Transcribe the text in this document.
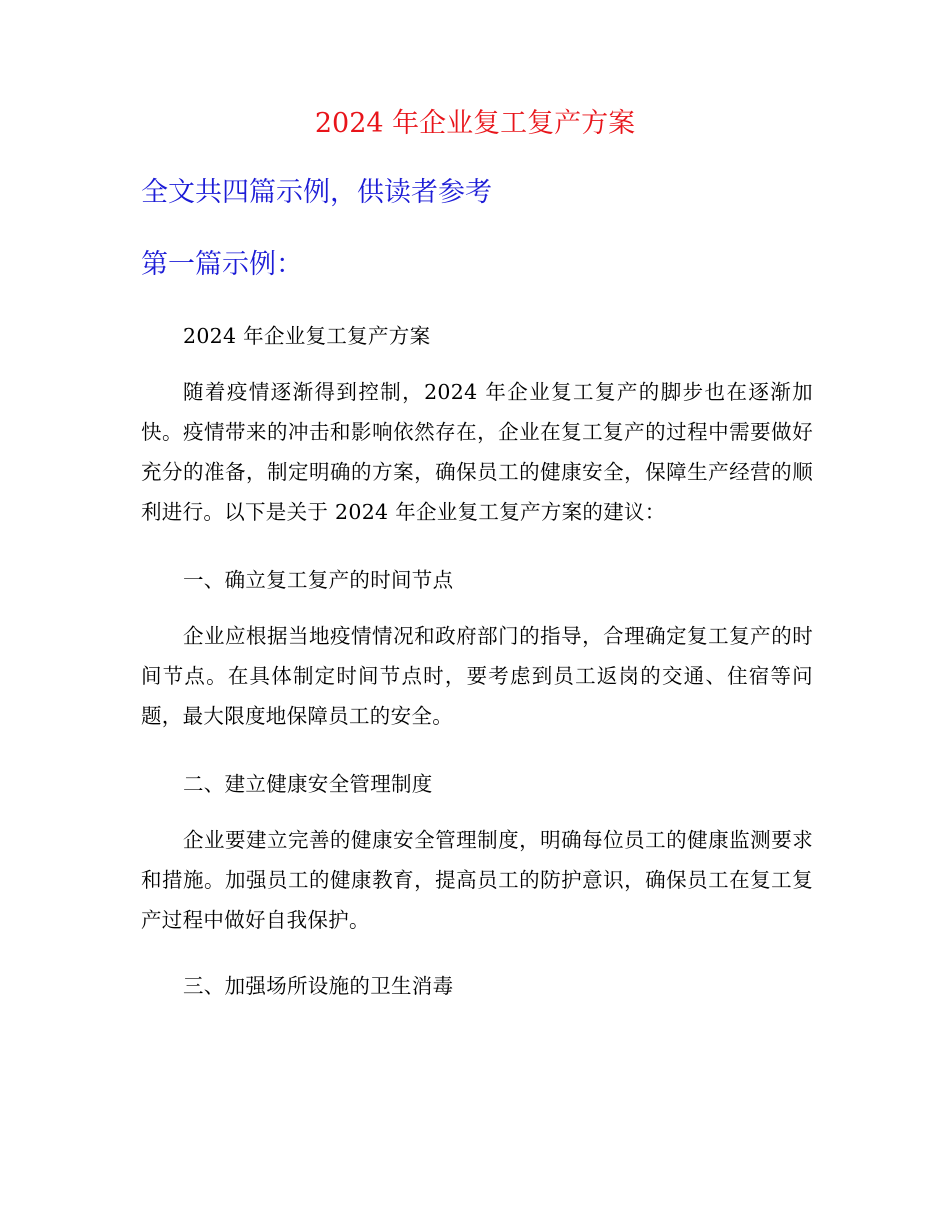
2024 年企业复工复产方案
全文共四篇示例，供读者参考
第一篇示例：
2024 年企业复工复产方案
随着疫情逐渐得到控制，2024 年企业复工复产的脚步也在逐渐加快。疫情带来的冲击和影响依然存在，企业在复工复产的过程中需要做好充分的准备，制定明确的方案，确保员工的健康安全，保障生产经营的顺利进行。以下是关于 2024 年企业复工复产方案的建议：
一、确立复工复产的时间节点
企业应根据当地疫情情况和政府部门的指导，合理确定复工复产的时间节点。在具体制定时间节点时，要考虑到员工返岗的交通、住宿等问题，最大限度地保障员工的安全。
二、建立健康安全管理制度
企业要建立完善的健康安全管理制度，明确每位员工的健康监测要求和措施。加强员工的健康教育，提高员工的防护意识，确保员工在复工复产过程中做好自我保护。
三、加强场所设施的卫生消毒
